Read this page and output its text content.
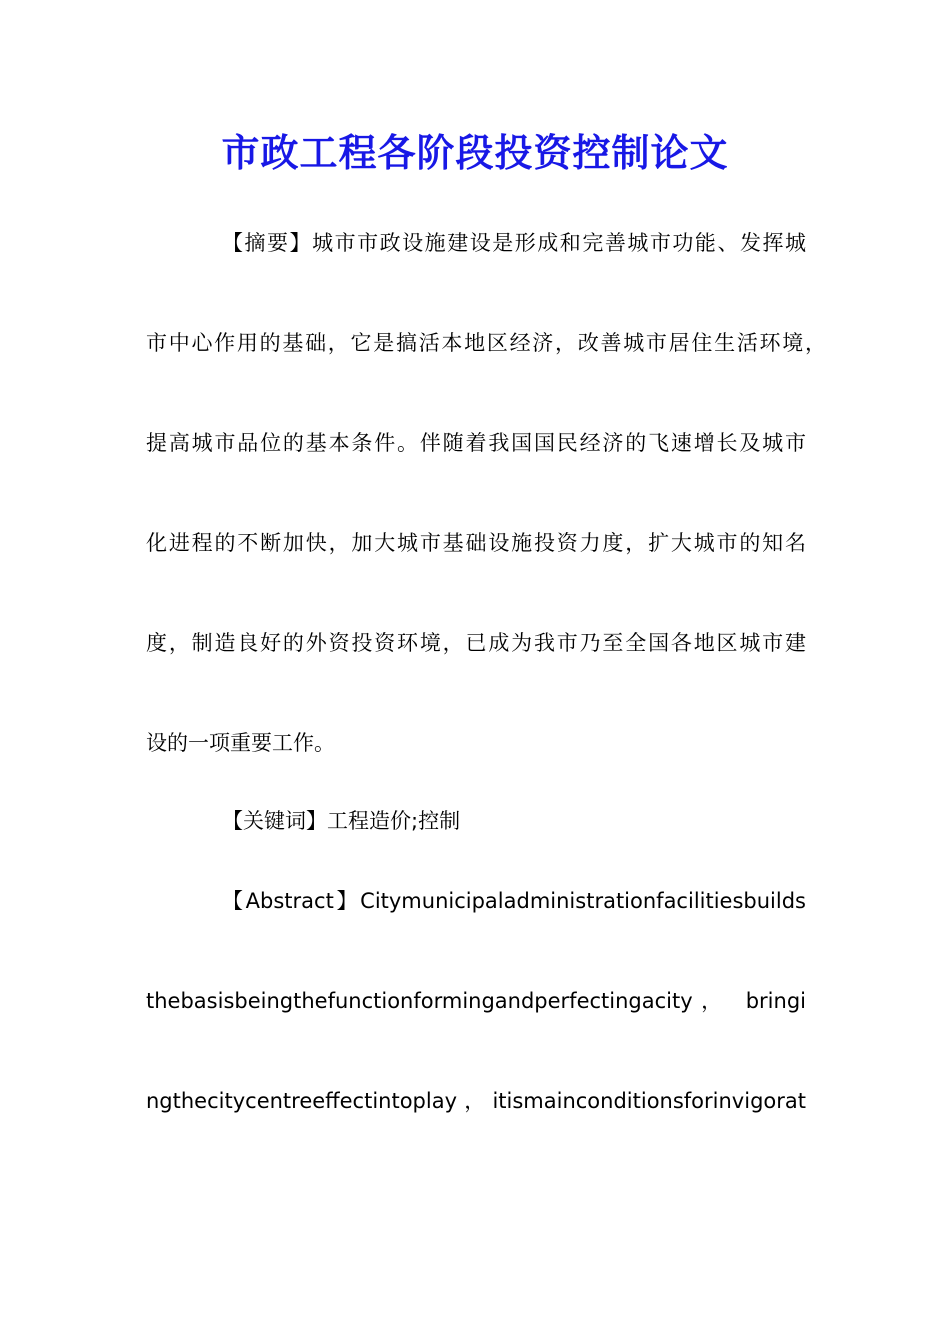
市政工程各阶段投资控制论文
【摘要】城市市政设施建设是形成和完善城市功能、发挥城
市中心作用的基础，它是搞活本地区经济，改善城市居住生活环境，
提高城市品位的基本条件。伴随着我国国民经济的飞速增长及城市
化进程的不断加快，加大城市基础设施投资力度，扩大城市的知名
度，制造良好的外资投资环境，已成为我市乃至全国各地区城市建
设的一项重要工作。
【关键词】工程造价;控制
【Abstract】Citymunicipaladministrationfacilitiesbuilds
thebasisbeingthefunctionformingandperfectingacity， bringi
ngthecitycentreeffectintoplay，itismainconditionsforinvigorat
